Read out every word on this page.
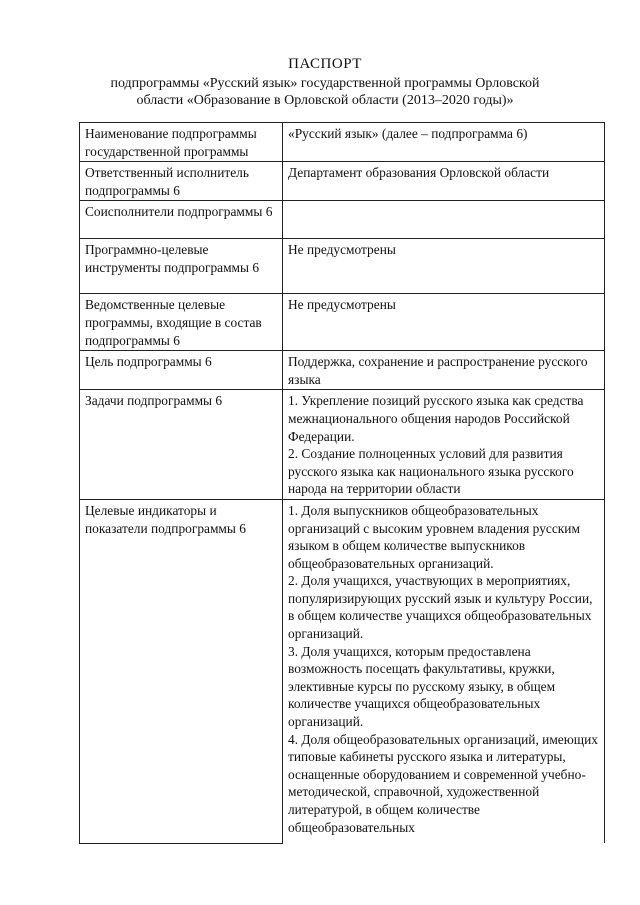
ПАСПОРТ
подпрограммы «Русский язык» государственной программы Орловской
области «Образование в Орловской области (2013–2020 годы)»
Наименование подпрограммы государственной программы	«Русский язык» (далее – подпрограмма 6)

Ответственный исполнитель подпрограммы 6	Департамент образования Орловской области

Соисполнители подпрограммы 6	
Программно-целевые инструменты подпрограммы 6	Не предусмотрены

Ведомственные целевые программы, входящие в состав подпрограммы 6	Не предусмотрены

Цель подпрограммы 6	Поддержка, сохранение и распространение русского языка

Задачи подпрограммы 6	1. Укрепление позиций русского языка как средства межнационального общения народов Российской Федерации.
2. Создание полноценных условий для развития русского языка как национального языка русского народа на территории области

Целевые индикаторы и показатели подпрограммы 6	1. Доля выпускников общеобразовательных организаций с высоким уровнем владения русским языком в общем количестве выпускников общеобразовательных организаций.
2. Доля учащихся, участвующих в мероприятиях, популяризирующих русский язык и культуру России, в общем количестве учащихся общеобразовательных организаций.
3. Доля учащихся, которым предоставлена возможность посещать факультативы, кружки, элективные курсы по русскому языку, в общем количестве учащихся общеобразовательных организаций.
4. Доля общеобразовательных организаций, имеющих типовые кабинеты русского языка и литературы, оснащенные оборудованием и современной учебно-методической, справочной, художественной литературой, в общем количестве общеобразовательных
